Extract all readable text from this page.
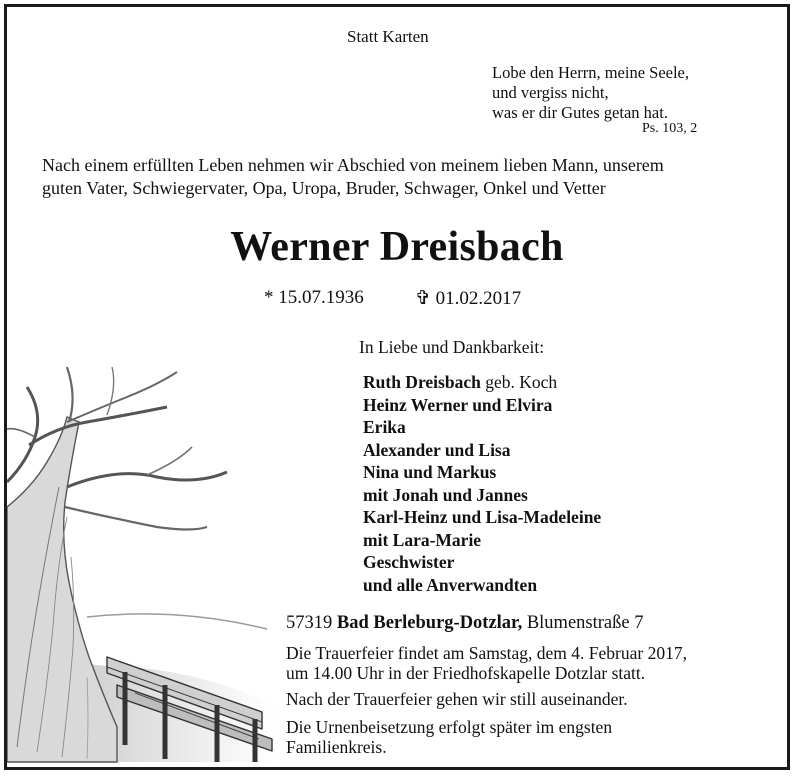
Statt Karten
Lobe den Herrn, meine Seele,
und vergiss nicht,
was er dir Gutes getan hat.
Ps. 103, 2
Nach einem erfüllten Leben nehmen wir Abschied von meinem lieben Mann, unserem
guten Vater, Schwiegervater, Opa, Uropa, Bruder, Schwager, Onkel und Vetter
Werner Dreisbach
* 15.07.1936	✞ 01.02.2017
In Liebe und Dankbarkeit:
Ruth Dreisbach geb. Koch
Heinz Werner und Elvira
Erika
Alexander und Lisa
Nina und Markus
mit Jonah und Jannes
Karl-Heinz und Lisa-Madeleine
mit Lara-Marie
Geschwister
und alle Anverwandten
57319 Bad Berleburg-Dotzlar, Blumenstraße 7
Die Trauerfeier findet am Samstag, dem 4. Februar 2017,
um 14.00 Uhr in der Friedhofskapelle Dotzlar statt.
Nach der Trauerfeier gehen wir still auseinander.
Die Urnenbeisetzung erfolgt später im engsten
Familienkreis.
